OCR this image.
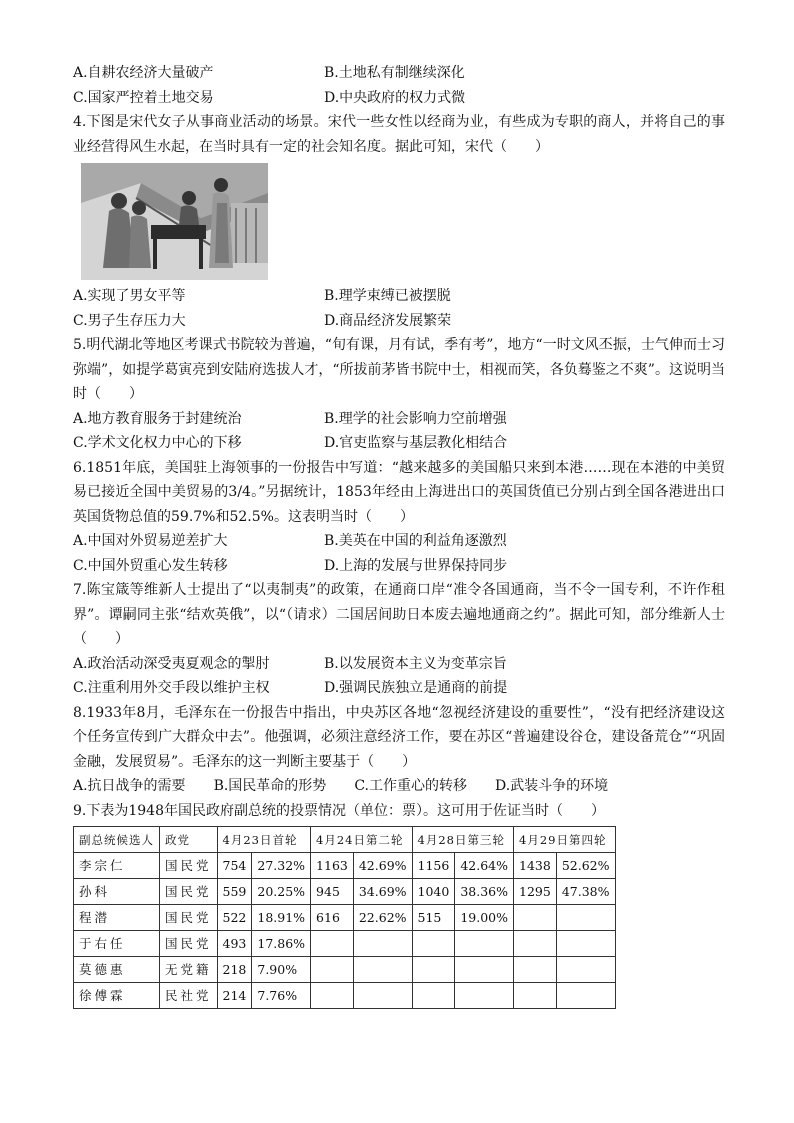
A.自耕农经济大量破产	B.土地私有制继续深化
C.国家严控着土地交易	D.中央政府的权力式微

4.下图是宋代女子从事商业活动的场景。宋代一些女性以经商为业，有些成为专职的商人，并将自己的事业经营得风生水起，在当时具有一定的社会知名度。据此可知，宋代（　　）

A.实现了男女平等	B.理学束缚已被摆脱
C.男子生存压力大	D.商品经济发展繁荣

5.明代湖北等地区考课式书院较为普遍，“旬有课，月有试，季有考”，地方“一时文风丕振，士气伸而士习弥端”，如提学葛寅亮到安陆府选拔人才，“所拔前茅皆书院中士，相视而笑，各负蓦鉴之不爽”。这说明当时（　　）

A.地方教育服务于封建统治	B.理学的社会影响力空前增强
C.学术文化权力中心的下移	D.官吏监察与基层教化相结合

6.1851年底，美国驻上海领事的一份报告中写道：“越来越多的美国船只来到本港……现在本港的中美贸易已接近全国中美贸易的3/4。”另据统计，1853年经由上海进出口的英国货值已分别占到全国各港进出口英国货物总值的59.7%和52.5%。这表明当时（　　）

A.中国对外贸易逆差扩大	B.美英在中国的利益角逐激烈
C.中国外贸重心发生转移	D.上海的发展与世界保持同步

7.陈宝箴等维新人士提出了“以夷制夷”的政策，在通商口岸“准令各国通商，当不令一国专利，不许作租界”。谭嗣同主张“结欢英俄”，以“（请求）二国居间助日本废去遍地通商之约”。据此可知，部分维新人士（　　）

A.政治活动深受夷夏观念的掣肘	B.以发展资本主义为变革宗旨
C.注重利用外交手段以维护主权	D.强调民族独立是通商的前提

8.1933年8月，毛泽东在一份报告中指出，中央苏区各地“忽视经济建设的重要性”，“没有把经济建设这个任务宣传到广大群众中去”。他强调，必须注意经济工作，要在苏区“普遍建设谷仓，建设备荒仓”“巩固金融，发展贸易”。毛泽东的这一判断主要基于（　　）

A.抗日战争的需要 B.国民革命的形势 C.工作重心的转移 D.武装斗争的环境

9.下表为1948年国民政府副总统的投票情况（单位：票）。这可用于佐证当时（　　）

副总统候选人	政党	4月23日首轮		4月24日第二轮		4月28日第三轮		4月29日第四轮	
李宗仁	国民党	754	27.32%	1163	42.69%	1156	42.64%	1438	52.62%
孙科	国民党	559	20.25%	945	34.69%	1040	38.36%	1295	47.38%
程潜	国民党	522	18.91%	616	22.62%	515	19.00%		
于右任	国民党	493	17.86%						
莫德惠	无党籍	218	7.90%						
徐傅霖	民社党	214	7.76%						
